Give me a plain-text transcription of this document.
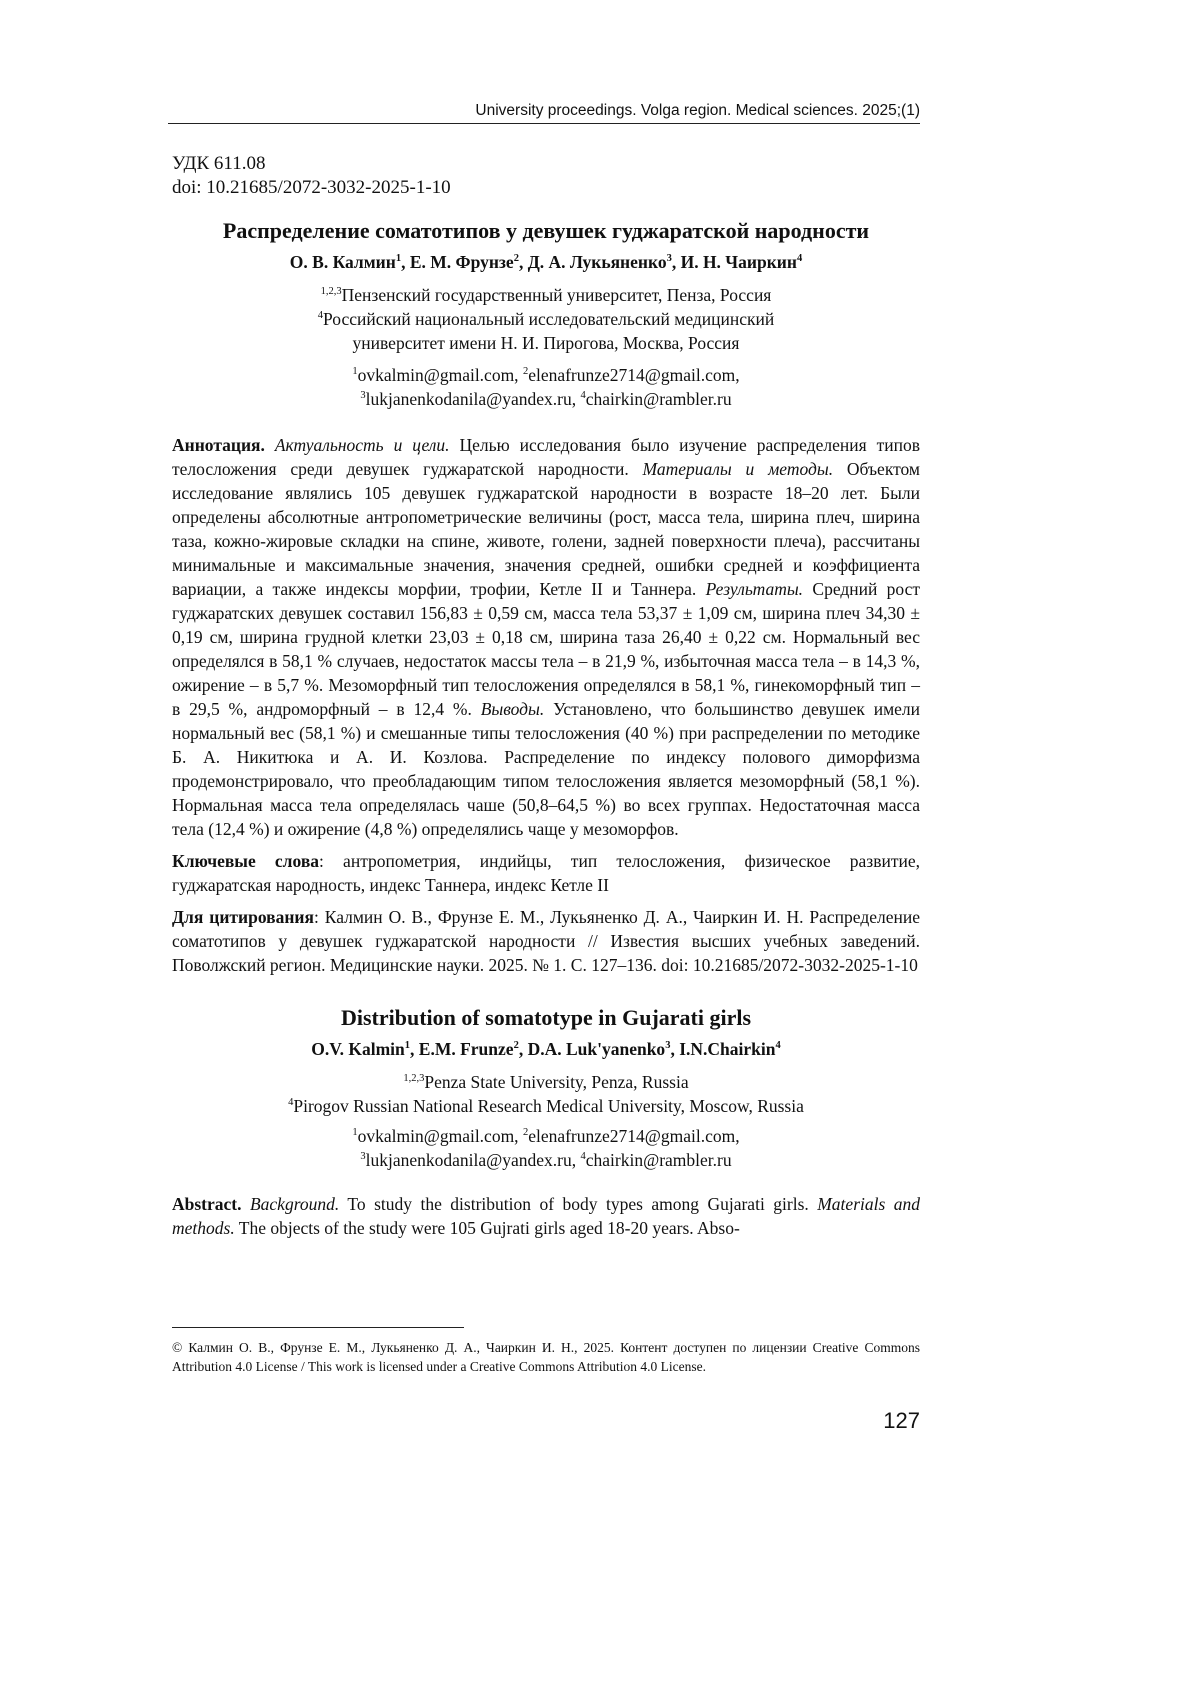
University proceedings. Volga region. Medical sciences. 2025;(1)
УДК 611.08
doi: 10.21685/2072-3032-2025-1-10
Распределение соматотипов у девушек гуджаратской народности

О. В. Калмин$^1$, Е. М. Фрунзе$^2$, Д. А. Лукьяненко$^3$, И. Н. Чаиркин$^4$

$^{1,2,3}$Пензенский государственный университет, Пенза, Россия

$^4$Российский национальный исследовательский медицинский

университет имени Н. И. Пирогова, Москва, Россия

$^1$ovkalmin@gmail.com, $^2$elenafrunze2714@gmail.com,

$^3$lukjanenkodanila@yandex.ru, $^4$chairkin@rambler.ru

Аннотация. Актуальность и цели. Целью исследования было изучение распределения типов телосложения среди девушек гуджаратской народности. Материалы и методы. Объектом исследование являлись 105 девушек гуджаратской народности в возрасте 18–20 лет. Были определены абсолютные антропометрические величины (рост, масса тела, ширина плеч, ширина таза, кожно-жировые складки на спине, животе, голени, задней поверхности плеча), рассчитаны минимальные и максимальные значения, значения средней, ошибки средней и коэффициента вариации, а также индексы морфии, трофии, Кетле II и Таннера. Результаты. Средний рост гуджаратских девушек составил 156,83 ± 0,59 см, масса тела 53,37 ± 1,09 см, ширина плеч 34,30 ± 0,19 см, ширина грудной клетки 23,03 ± 0,18 см, ширина таза 26,40 ± 0,22 см. Нормальный вес определялся в 58,1 % случаев, недостаток массы тела – в 21,9 %, избыточная масса тела – в 14,3 %, ожирение – в 5,7 %. Мезоморфный тип телосложения определялся в 58,1 %, гинекоморфный тип – в 29,5 %, андроморфный – в 12,4 %. Выводы. Установлено, что большинство девушек имели нормальный вес (58,1 %) и смешанные типы телосложения (40 %) при распределении по методике Б. А. Никитюка и А. И. Козлова. Распределение по индексу полового диморфизма продемонстрировало, что преобладающим типом телосложения является мезоморфный (58,1 %). Нормальная масса тела определялась чаше (50,8–64,5 %) во всех группах. Недостаточная масса тела (12,4 %) и ожирение (4,8 %) определялись чаще у мезоморфов.

Ключевые слова: антропометрия, индийцы, тип телосложения, физическое развитие, гуджаратская народность, индекс Таннера, индекс Кетле II

Для цитирования: Калмин О. В., Фрунзе Е. М., Лукьяненко Д. А., Чаиркин И. Н. Распределение соматотипов у девушек гуджаратской народности // Известия высших учебных заведений. Поволжский регион. Медицинские науки. 2025. № 1. С. 127–136. doi: 10.21685/2072-3032-2025-1-10

Distribution of somatotype in Gujarati girls

O.V. Kalmin$^1$, E.M. Frunze$^2$, D.A. Luk'yanenko$^3$, I.N.Chairkin$^4$

$^{1,2,3}$Penza State University, Penza, Russia

$^4$Pirogov Russian National Research Medical University, Moscow, Russia

$^1$ovkalmin@gmail.com, $^2$elenafrunze2714@gmail.com,

$^3$lukjanenkodanila@yandex.ru, $^4$chairkin@rambler.ru

Abstract. Background. To study the distribution of body types among Gujarati girls. Materials and methods. The objects of the study were 105 Gujrati girls aged 18-20 years. Abso-

© Калмин О. В., Фрунзе Е. М., Лукьяненко Д. А., Чаиркин И. Н., 2025. Контент доступен по лицензии Creative Commons Attribution 4.0 License / This work is licensed under a Creative Commons Attribution 4.0 License.
127
